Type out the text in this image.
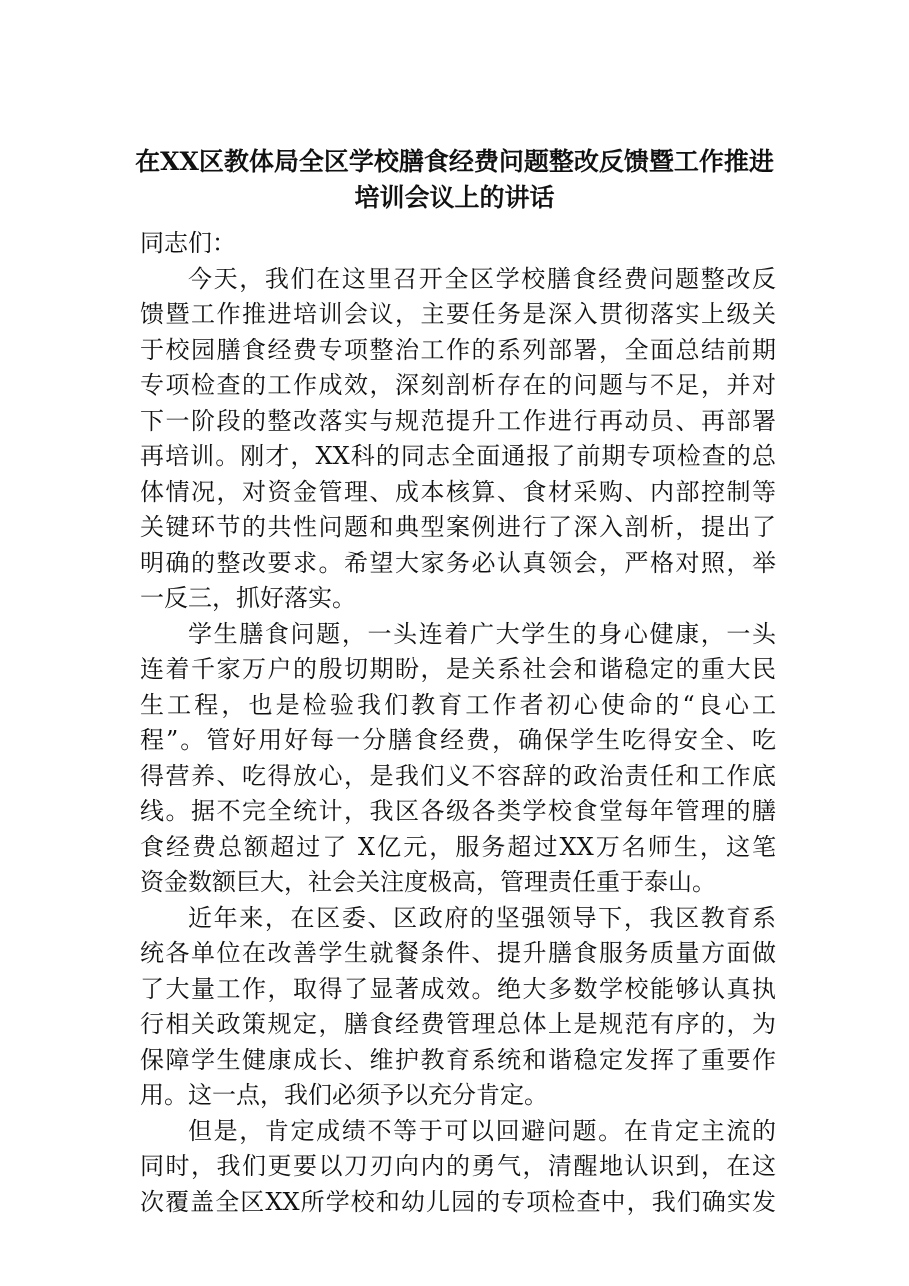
在XX区教体局全区学校膳食经费问题整改反馈暨工作推进
培训会议上的讲话
同志们：
今天，我们在这里召开全区学校膳食经费问题整改反
馈暨工作推进培训会议，主要任务是深入贯彻落实上级关
于校园膳食经费专项整治工作的系列部署，全面总结前期
专项检查的工作成效，深刻剖析存在的问题与不足，并对
下一阶段的整改落实与规范提升工作进行再动员、再部署
再培训。刚才，XX科的同志全面通报了前期专项检查的总
体情况，对资金管理、成本核算、食材采购、内部控制等
关键环节的共性问题和典型案例进行了深入剖析，提出了
明确的整改要求。希望大家务必认真领会，严格对照，举
一反三，抓好落实。
学生膳食问题，一头连着广大学生的身心健康，一头
连着千家万户的殷切期盼，是关系社会和谐稳定的重大民
生工程，也是检验我们教育工作者初心使命的“良心工
程”。管好用好每一分膳食经费，确保学生吃得安全、吃
得营养、吃得放心，是我们义不容辞的政治责任和工作底
线。据不完全统计，我区各级各类学校食堂每年管理的膳
食经费总额超过了 X亿元，服务超过XX万名师生，这笔
资金数额巨大，社会关注度极高，管理责任重于泰山。
近年来，在区委、区政府的坚强领导下，我区教育系
统各单位在改善学生就餐条件、提升膳食服务质量方面做
了大量工作，取得了显著成效。绝大多数学校能够认真执
行相关政策规定，膳食经费管理总体上是规范有序的，为
保障学生健康成长、维护教育系统和谐稳定发挥了重要作
用。这一点，我们必须予以充分肯定。
但是，肯定成绩不等于可以回避问题。在肯定主流的
同时，我们更要以刀刃向内的勇气，清醒地认识到，在这
次覆盖全区XX所学校和幼儿园的专项检查中，我们确实发
